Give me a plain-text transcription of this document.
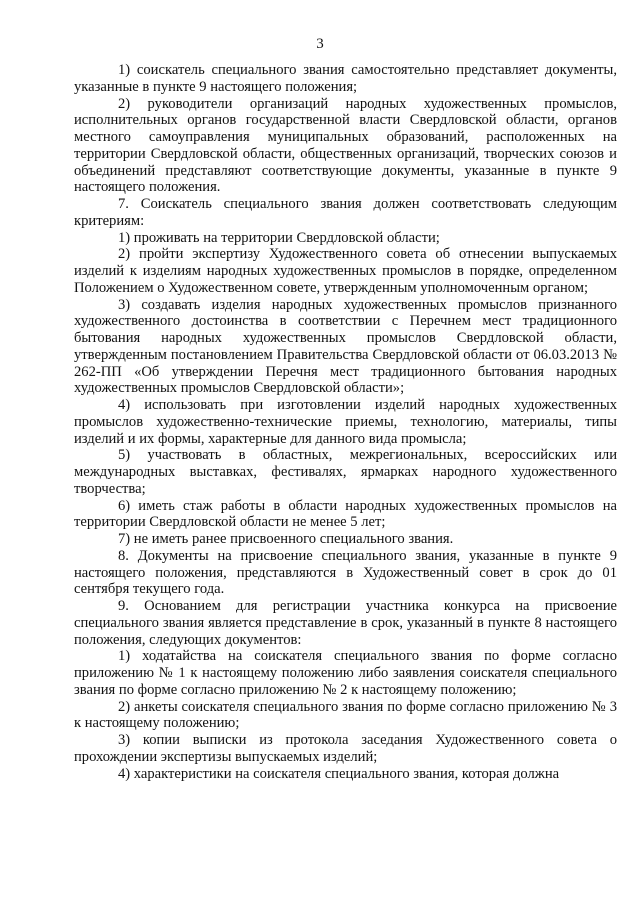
3

1) соискатель специального звания самостоятельно представляет документы, указанные в пункте 9 настоящего положения;

2) руководители организаций народных художественных промыслов, исполнительных органов государственной власти Свердловской области, органов местного самоуправления муниципальных образований, расположенных на территории Свердловской области, общественных организаций, творческих союзов и объединений представляют соответствующие документы, указанные в пункте 9 настоящего положения.

7. Соискатель специального звания должен соответствовать следующим критериям:

1) проживать на территории Свердловской области;

2) пройти экспертизу Художественного совета об отнесении выпускаемых изделий к изделиям народных художественных промыслов в порядке, определенном Положением о Художественном совете, утвержденным уполномоченным органом;

3) создавать изделия народных художественных промыслов признанного художественного достоинства в соответствии с Перечнем мест традиционного бытования народных художественных промыслов Свердловской области, утвержденным постановлением Правительства Свердловской области от 06.03.2013 № 262-ПП «Об утверждении Перечня мест традиционного бытования народных художественных промыслов Свердловской области»;

4) использовать при изготовлении изделий народных художественных промыслов художественно-технические приемы, технологию, материалы, типы изделий и их формы, характерные для данного вида промысла;

5) участвовать в областных, межрегиональных, всероссийских или международных выставках, фестивалях, ярмарках народного художественного творчества;

6) иметь стаж работы в области народных художественных промыслов на территории Свердловской области не менее 5 лет;

7) не иметь ранее присвоенного специального звания.

8. Документы на присвоение специального звания, указанные в пункте 9 настоящего положения, представляются в Художественный совет в срок до 01 сентября текущего года.

9. Основанием для регистрации участника конкурса на присвоение специального звания является представление в срок, указанный в пункте 8 настоящего положения, следующих документов:

1) ходатайства на соискателя специального звания по форме согласно приложению № 1 к настоящему положению либо заявления соискателя специального звания по форме согласно приложению № 2 к настоящему положению;

2) анкеты соискателя специального звания по форме согласно приложению № 3 к настоящему положению;

3) копии выписки из протокола заседания Художественного совета о прохождении экспертизы выпускаемых изделий;

4) характеристики на соискателя специального звания, которая должна
